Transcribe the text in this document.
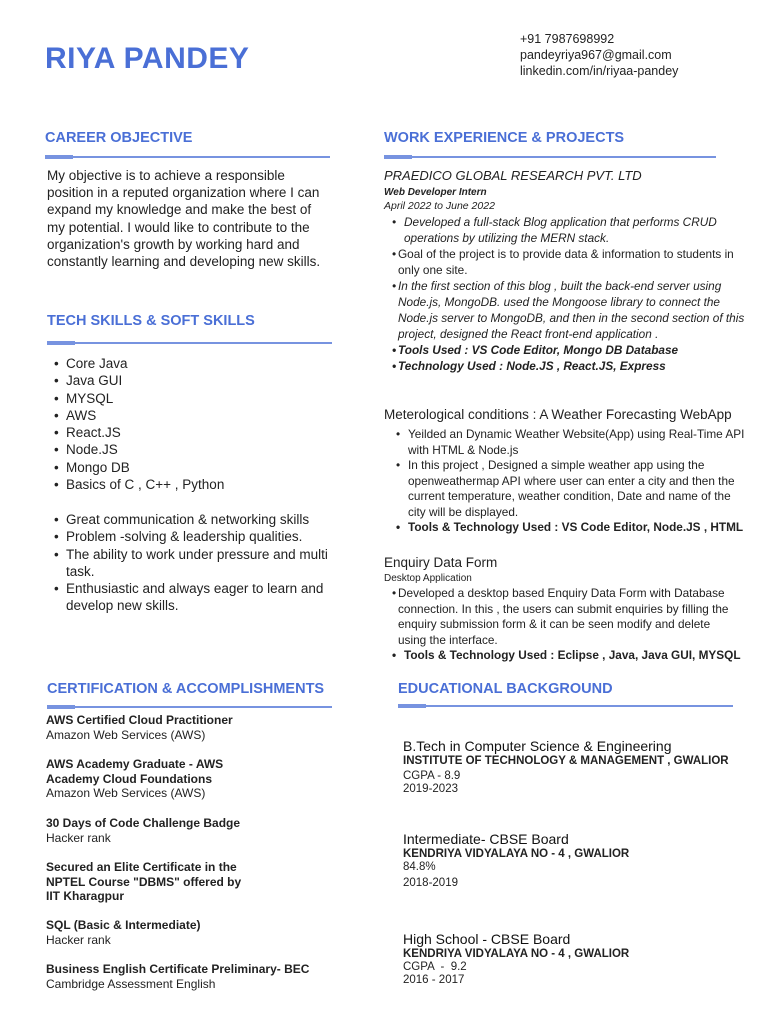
RIYA PANDEY
+91 7987698992
pandeyriya967@gmail.com
linkedin.com/in/riyaa-pandey
CAREER OBJECTIVE
My objective is to achieve a responsible position in a reputed organization where I can expand my knowledge and make the best of my potential. I would like to contribute to the organization's growth by working hard and constantly learning and developing new skills.
TECH SKILLS & SOFT SKILLS
• Core Java
• Java GUI
• MYSQL
• AWS
• React.JS
• Node.JS
• Mongo DB
• Basics of C , C++ , Python
• Great communication & networking skills
• Problem -solving & leadership qualities.
• The ability to work under pressure and multi task.
• Enthusiastic and always eager to learn and develop new skills.
CERTIFICATION & ACCOMPLISHMENTS
AWS Certified Cloud Practitioner
Amazon Web Services (AWS)
AWS Academy Graduate - AWS Academy Cloud Foundations
Amazon Web Services (AWS)
30 Days of Code Challenge Badge
Hacker rank
Secured an Elite Certificate in the NPTEL Course "DBMS" offered by IIT Kharagpur
SQL (Basic & Intermediate)
Hacker rank
Business English Certificate Preliminary- BEC
Cambridge Assessment English
WORK EXPERIENCE & PROJECTS
PRAEDICO GLOBAL RESEARCH PVT. LTD
Web Developer Intern
April 2022 to June 2022
• Developed a full-stack Blog application that performs CRUD operations by utilizing the MERN stack.
• Goal of the project is to provide data & information to students in only one site.
• In the first section of this blog , built the back-end server using Node.js, MongoDB. used the Mongoose library to connect the Node.js server to MongoDB, and then in the second section of this project, designed the React front-end application .
• Tools Used : VS Code Editor, Mongo DB Database
• Technology Used : Node.JS , React.JS, Express
Meterological conditions : A Weather Forecasting WebApp
• Yeilded an Dynamic Weather Website(App) using Real-Time API with HTML & Node.js
• In this project , Designed a simple weather app using the openweathermap API where user can enter a city and then the current temperature, weather condition, Date and name of the city will be displayed.
• Tools & Technology Used : VS Code Editor, Node.JS , HTML
Enquiry Data Form
Desktop Application
• Developed a desktop based Enquiry Data Form with Database connection. In this , the users can submit enquiries by filling the enquiry submission form & it can be seen modify and delete using the interface.
• Tools & Technology Used : Eclipse , Java, Java GUI, MYSQL
EDUCATIONAL BACKGROUND
B.Tech in Computer Science & Engineering
INSTITUTE OF TECHNOLOGY & MANAGEMENT , GWALIOR
CGPA - 8.9
2019-2023
Intermediate- CBSE Board
KENDRIYA VIDYALAYA NO - 4 , GWALIOR
84.8%
2018-2019
High School - CBSE Board
KENDRIYA VIDYALAYA NO - 4 , GWALIOR
CGPA  -  9.2
2016 - 2017
